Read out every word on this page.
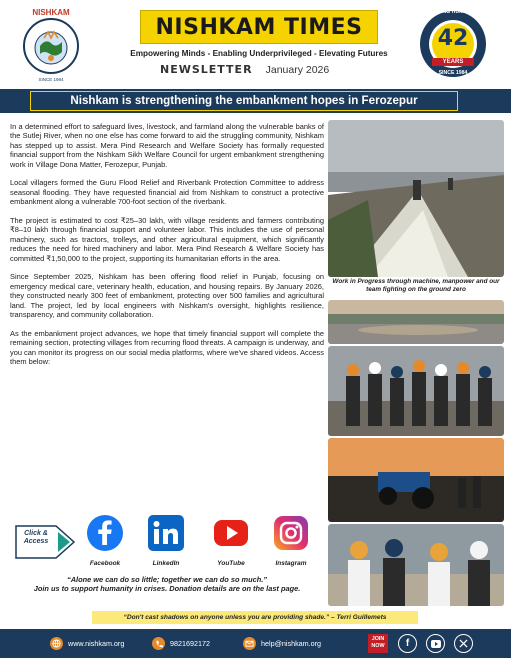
NISHKAM
SINCE 1984
NISHKAM TIMES
Empowering Minds - Enabling Underprivileged - Elevating Futures
NEWSLETTER January 2026
SERVING HUMANITY
42
YEARS
SINCE 1984
Nishkam is strengthening the embankment hopes in Ferozepur

In a determined effort to safeguard lives, livestock, and farmland along the vulnerable banks of the Sutlej River, when no one else has come forward to aid the struggling community, Nishkam has stepped up to assist. Mera Pind Research and Welfare Society has formally requested financial support from the Nishkam Sikh Welfare Council for urgent embankment strengthening work in Village Dona Matter, Ferozepur, Punjab.

Local villagers formed the Guru Flood Relief and Riverbank Protection Committee to address seasonal flooding. They have requested financial aid from Nishkam to construct a protective embankment along a vulnerable 700-foot section of the riverbank.

The project is estimated to cost ₹25–30 lakh, with village residents and farmers contributing ₹8–10 lakh through financial support and volunteer labor. This includes the use of personal machinery, such as tractors, trolleys, and other agricultural equipment, which significantly reduces the need for hired machinery and labor. Mera Pind Research & Welfare Society has committed ₹1,50,000 to the project, supporting its humanitarian efforts in the area.

Since September 2025, Nishkam has been offering flood relief in Punjab, focusing on emergency medical care, veterinary health, education, and housing repairs. By January 2026, they constructed nearly 300 feet of embankment, protecting over 500 families and agricultural land. The project, led by local engineers with Nishkam's oversight, highlights resilience, transparency, and community collaboration.

As the embankment project advances, we hope that timely financial support will complete the remaining section, protecting villages from recurring flood threats. A campaign is underway, and you can monitor its progress on our social media platforms, where we've shared videos. Access them below:

Work in Progress through machine, manpower and our team fighting on the ground zero
Click & Access
Facebook	LinkedIn	YouTube	Instagram
“Alone we can do so little; together we can do so much.”
Join us to support humanity in crises. Donation details are on the last page.
“Don't cast shadows on anyone unless you are providing shade.” – Terri Guillemets
www.nishkam.org	9821692172	help@nishkam.org	JOIN NOW	f
